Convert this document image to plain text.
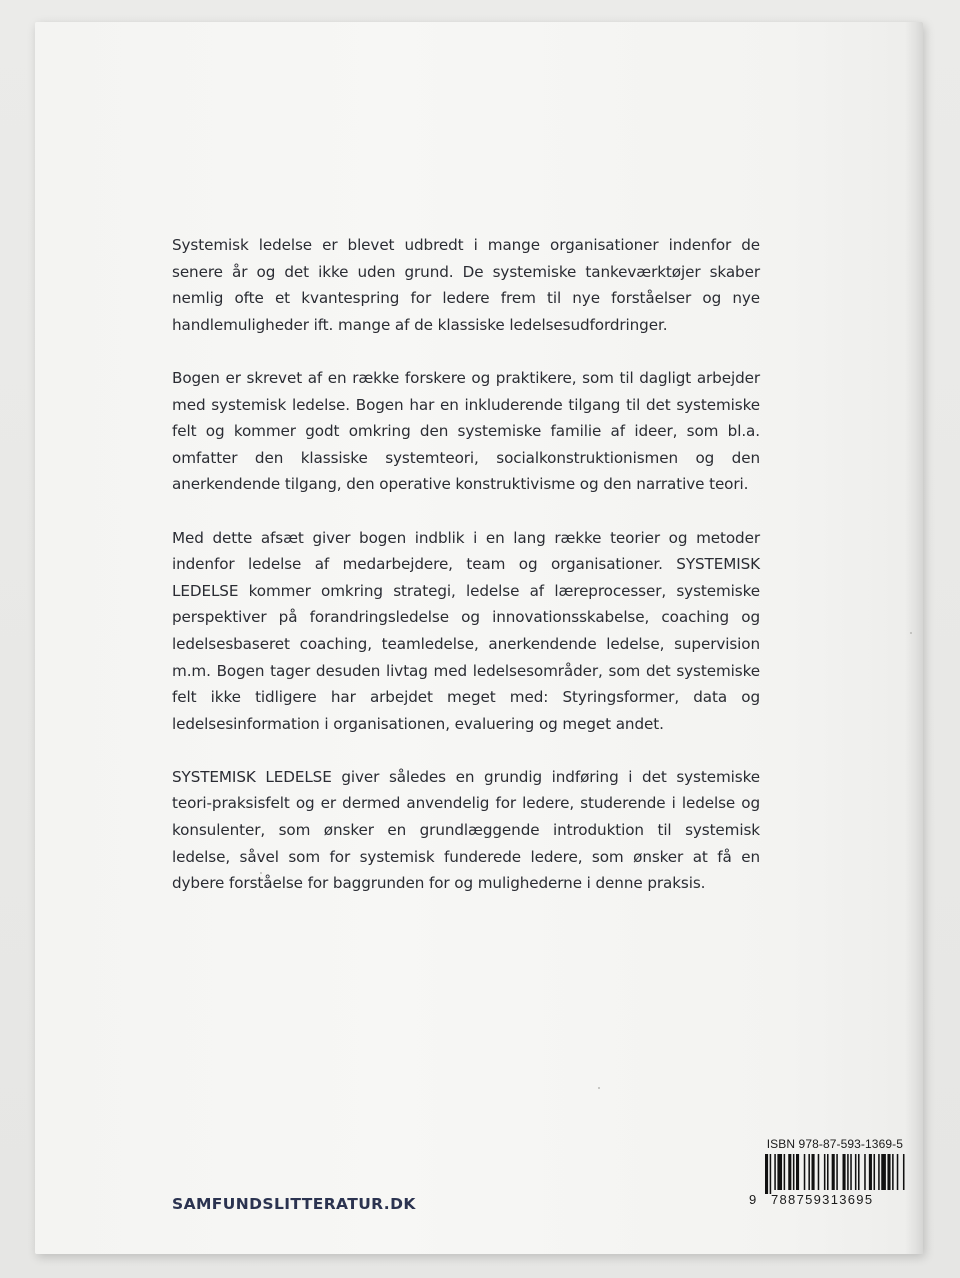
Systemisk ledelse er blevet udbredt i mange organisationer indenfor de senere år og det ikke uden grund. De systemiske tankeværktøjer skaber nemlig ofte et kvantespring for ledere frem til nye forståelser og nye handlemuligheder ift. mange af de klassiske ledelsesudfordringer.

Bogen er skrevet af en række forskere og praktikere, som til dagligt arbejder med systemisk ledelse. Bogen har en inkluderende tilgang til det systemiske felt og kommer godt omkring den systemiske familie af ideer, som bl.a. omfatter den klassiske systemteori, socialkonstruktionismen og den anerkendende tilgang, den operative konstruktivisme og den narrative teori.

Med dette afsæt giver bogen indblik i en lang række teorier og metoder indenfor ledelse af medarbejdere, team og organisationer. SYSTEMISK LEDELSE kommer omkring strategi, ledelse af læreprocesser, systemiske perspektiver på forandringsledelse og innovationsskabelse, coaching og ledelsesbaseret coaching, teamledelse, anerkendende ledelse, supervision m.m. Bogen tager desuden livtag med ledelsesområder, som det systemiske felt ikke tidligere har arbejdet meget med: Styringsformer, data og ledelsesinformation i organisationen, evaluering og meget andet.

SYSTEMISK LEDELSE giver således en grundig indføring i det systemiske teori-praksisfelt og er dermed anvendelig for ledere, studerende i ledelse og konsulenter, som ønsker en grundlæggende introduktion til systemisk ledelse, såvel som for systemisk funderede ledere, som ønsker at få en dybere forståelse for baggrunden for og mulighederne i denne praksis.

SAMFUNDSLITTERATUR.DK
ISBN 978-87-593-1369-5
9 788759313695
